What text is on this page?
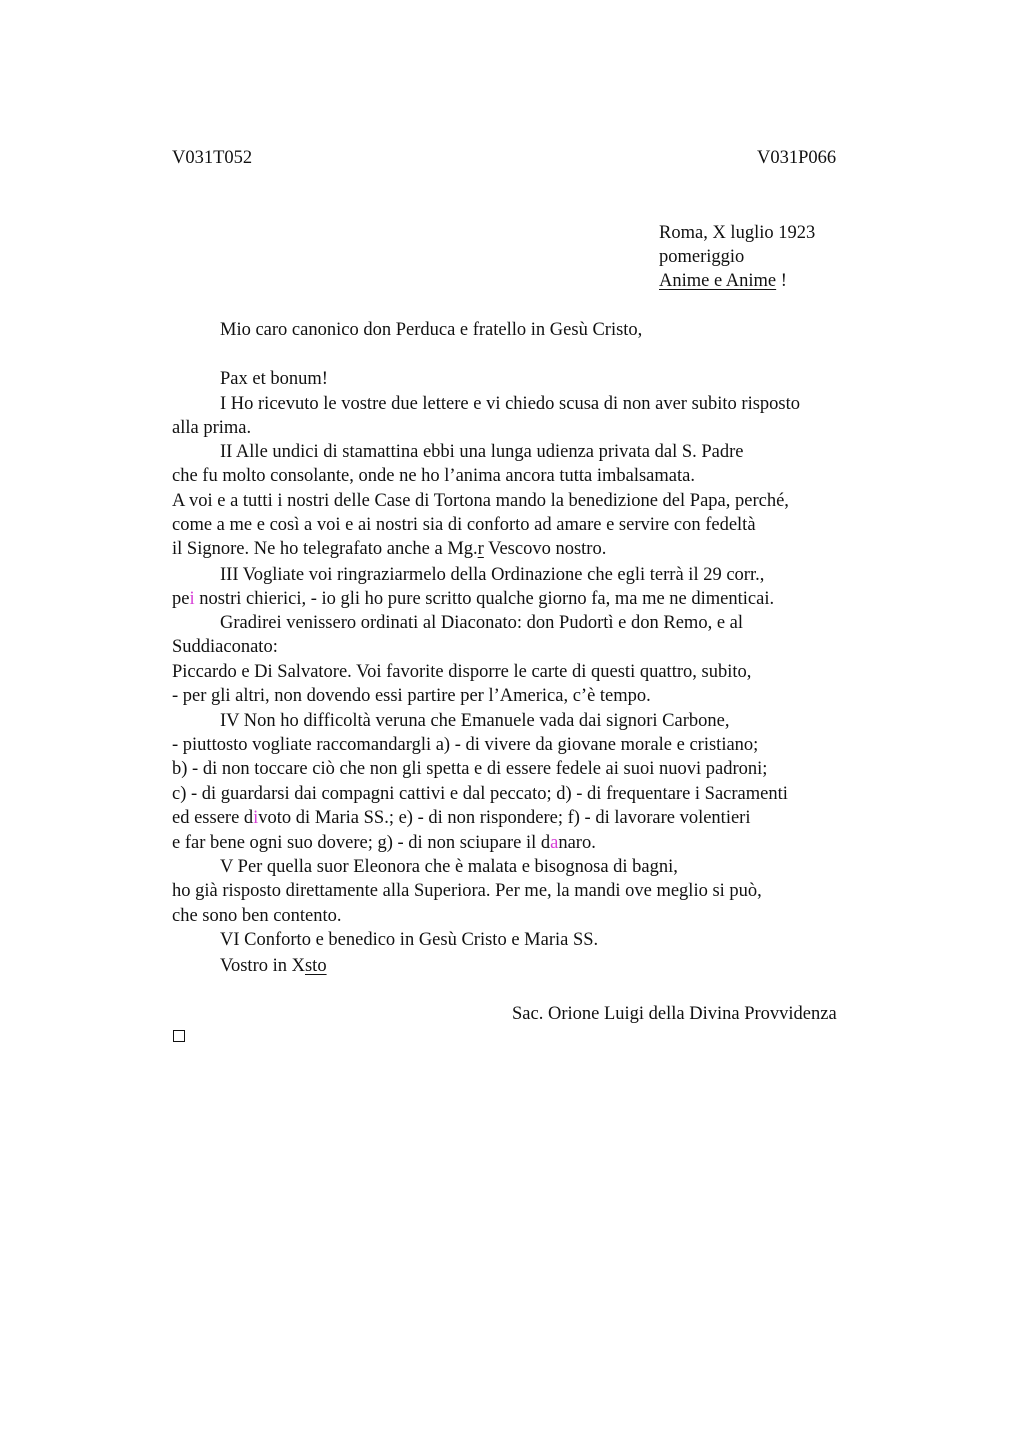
V031T052	V031P066
Roma, X luglio 1923
pomeriggio
Anime e Anime !
Mio caro canonico don Perduca e fratello in Gesù Cristo,
Pax et bonum!
I Ho ricevuto le vostre due lettere e vi chiedo scusa di non aver subito risposto
alla prima.
II Alle undici di stamattina ebbi una lunga udienza privata dal S. Padre
che fu molto consolante, onde ne ho l’anima ancora tutta imbalsamata.
A voi e a tutti i nostri delle Case di Tortona mando la benedizione del Papa, perché,
come a me e così a voi e ai nostri sia di conforto ad amare e servire con fedeltà
il Signore. Ne ho telegrafato anche a Mg.r Vescovo nostro.
III Vogliate voi ringraziarmelo della Ordinazione che egli terrà il 29 corr.,
pei nostri chierici, - io gli ho pure scritto qualche giorno fa, ma me ne dimenticai.
Gradirei venissero ordinati al Diaconato: don Pudortì e don Remo, e al
Suddiaconato:
Piccardo e Di Salvatore. Voi favorite disporre le carte di questi quattro, subito,
- per gli altri, non dovendo essi partire per l’America, c’è tempo.
IV Non ho difficoltà veruna che Emanuele vada dai signori Carbone,
- piuttosto vogliate raccomandargli a) - di vivere da giovane morale e cristiano;
b) - di non toccare ciò che non gli spetta e di essere fedele ai suoi nuovi padroni;
c) - di guardarsi dai compagni cattivi e dal peccato; d) - di frequentare i Sacramenti
ed essere divoto di Maria SS.; e) - di non rispondere; f) - di lavorare volentieri
e far bene ogni suo dovere; g) - di non sciupare il danaro.
V Per quella suor Eleonora che è malata e bisognosa di bagni,
ho già risposto direttamente alla Superiora. Per me, la mandi ove meglio si può,
che sono ben contento.
VI Conforto e benedico in Gesù Cristo e Maria SS.
Vostro in Xsto
Sac. Orione Luigi della Divina Provvidenza
